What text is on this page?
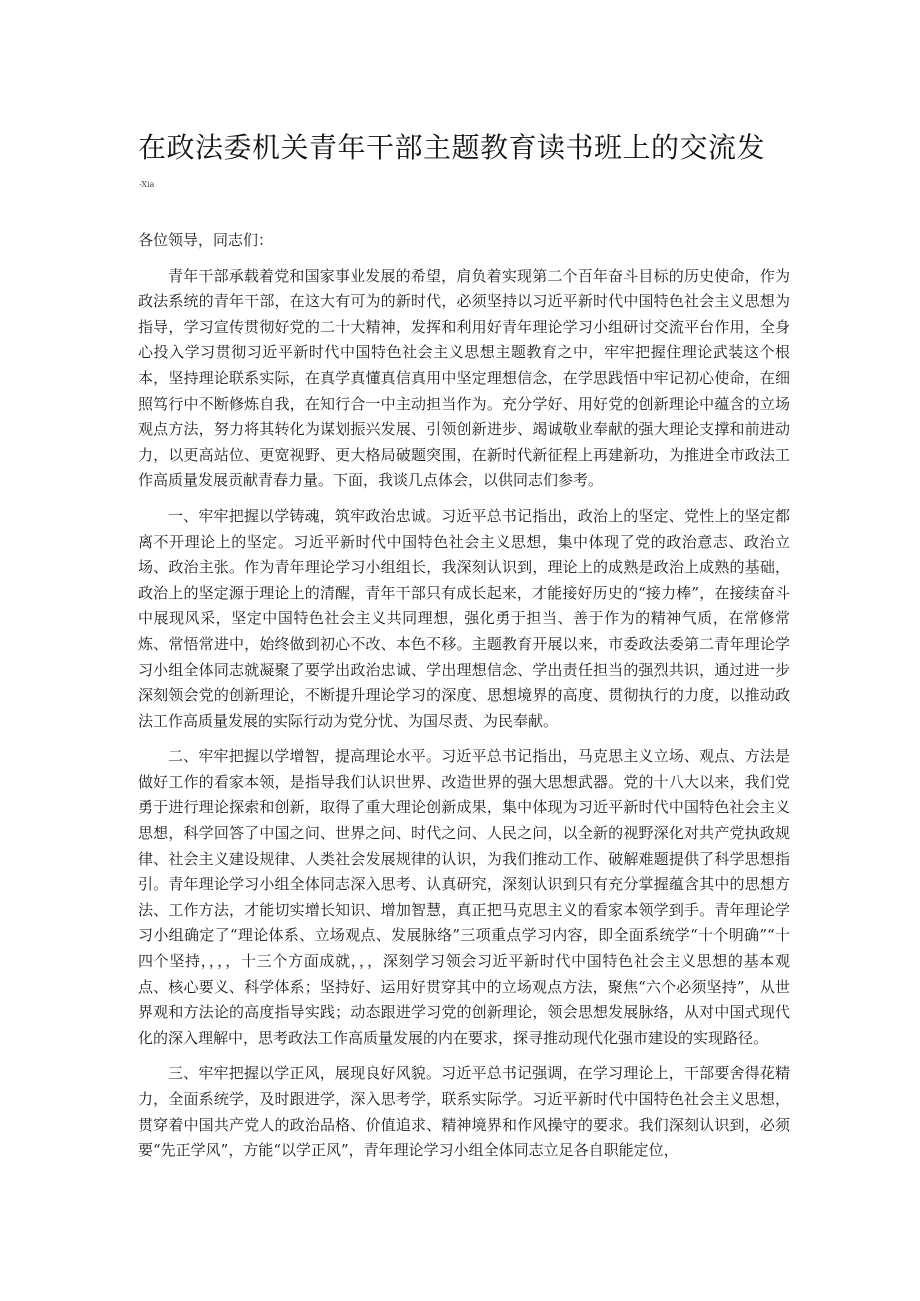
在政法委机关青年干部主题教育读书班上的交流发
-Xia

各位领导，同志们：

青年干部承载着党和国家事业发展的希望，肩负着实现第二个百年奋斗目标的历史使命，作为政法系统的青年干部，在这大有可为的新时代，必须坚持以习近平新时代中国特色社会主义思想为指导，学习宣传贯彻好党的二十大精神，发挥和利用好青年理论学习小组研讨交流平台作用，全身心投入学习贯彻习近平新时代中国特色社会主义思想主题教育之中，牢牢把握住理论武装这个根本，坚持理论联系实际，在真学真懂真信真用中坚定理想信念，在学思践悟中牢记初心使命，在细照笃行中不断修炼自我，在知行合一中主动担当作为。充分学好、用好党的创新理论中蕴含的立场观点方法，努力将其转化为谋划振兴发展、引领创新进步、竭诚敬业奉献的强大理论支撑和前进动力，以更高站位、更宽视野、更大格局破题突围，在新时代新征程上再建新功，为推进全市政法工作高质量发展贡献青春力量。下面，我谈几点体会，以供同志们参考。

一、牢牢把握以学铸魂，筑牢政治忠诚。习近平总书记指出，政治上的坚定、党性上的坚定都离不开理论上的坚定。习近平新时代中国特色社会主义思想，集中体现了党的政治意志、政治立场、政治主张。作为青年理论学习小组组长，我深刻认识到，理论上的成熟是政治上成熟的基础，政治上的坚定源于理论上的清醒，青年干部只有成长起来，才能接好历史的“接力棒”，在接续奋斗中展现风采，坚定中国特色社会主义共同理想，强化勇于担当、善于作为的精神气质，在常修常炼、常悟常进中，始终做到初心不改、本色不移。主题教育开展以来，市委政法委第二青年理论学习小组全体同志就凝聚了要学出政治忠诚、学出理想信念、学出责任担当的强烈共识，通过进一步深刻领会党的创新理论，不断提升理论学习的深度、思想境界的高度、贯彻执行的力度，以推动政法工作高质量发展的实际行动为党分忧、为国尽责、为民奉献。

二、牢牢把握以学增智，提高理论水平。习近平总书记指出，马克思主义立场、观点、方法是做好工作的看家本领，是指导我们认识世界、改造世界的强大思想武器。党的十八大以来，我们党勇于进行理论探索和创新，取得了重大理论创新成果，集中体现为习近平新时代中国特色社会主义思想，科学回答了中国之问、世界之问、时代之问、人民之问，以全新的视野深化对共产党执政规律、社会主义建设规律、人类社会发展规律的认识，为我们推动工作、破解难题提供了科学思想指引。青年理论学习小组全体同志深入思考、认真研究，深刻认识到只有充分掌握蕴含其中的思想方法、工作方法，才能切实增长知识、增加智慧，真正把马克思主义的看家本领学到手。青年理论学习小组确定了“理论体系、立场观点、发展脉络”三项重点学习内容，即全面系统学“十个明确”“十四个坚持，，，，十三个方面成就，，，深刻学习领会习近平新时代中国特色社会主义思想的基本观点、核心要义、科学体系；坚持好、运用好贯穿其中的立场观点方法，聚焦“六个必须坚持”，从世界观和方法论的高度指导实践；动态跟进学习党的创新理论，领会思想发展脉络，从对中国式现代化的深入理解中，思考政法工作高质量发展的内在要求，探寻推动现代化强市建设的实现路径。

三、牢牢把握以学正风，展现良好风貌。习近平总书记强调，在学习理论上，干部要舍得花精力，全面系统学，及时跟进学，深入思考学，联系实际学。习近平新时代中国特色社会主义思想，贯穿着中国共产党人的政治品格、价值追求、精神境界和作风操守的要求。我们深刻认识到，必须要“先正学风”，方能“以学正风”，青年理论学习小组全体同志立足各自职能定位，
